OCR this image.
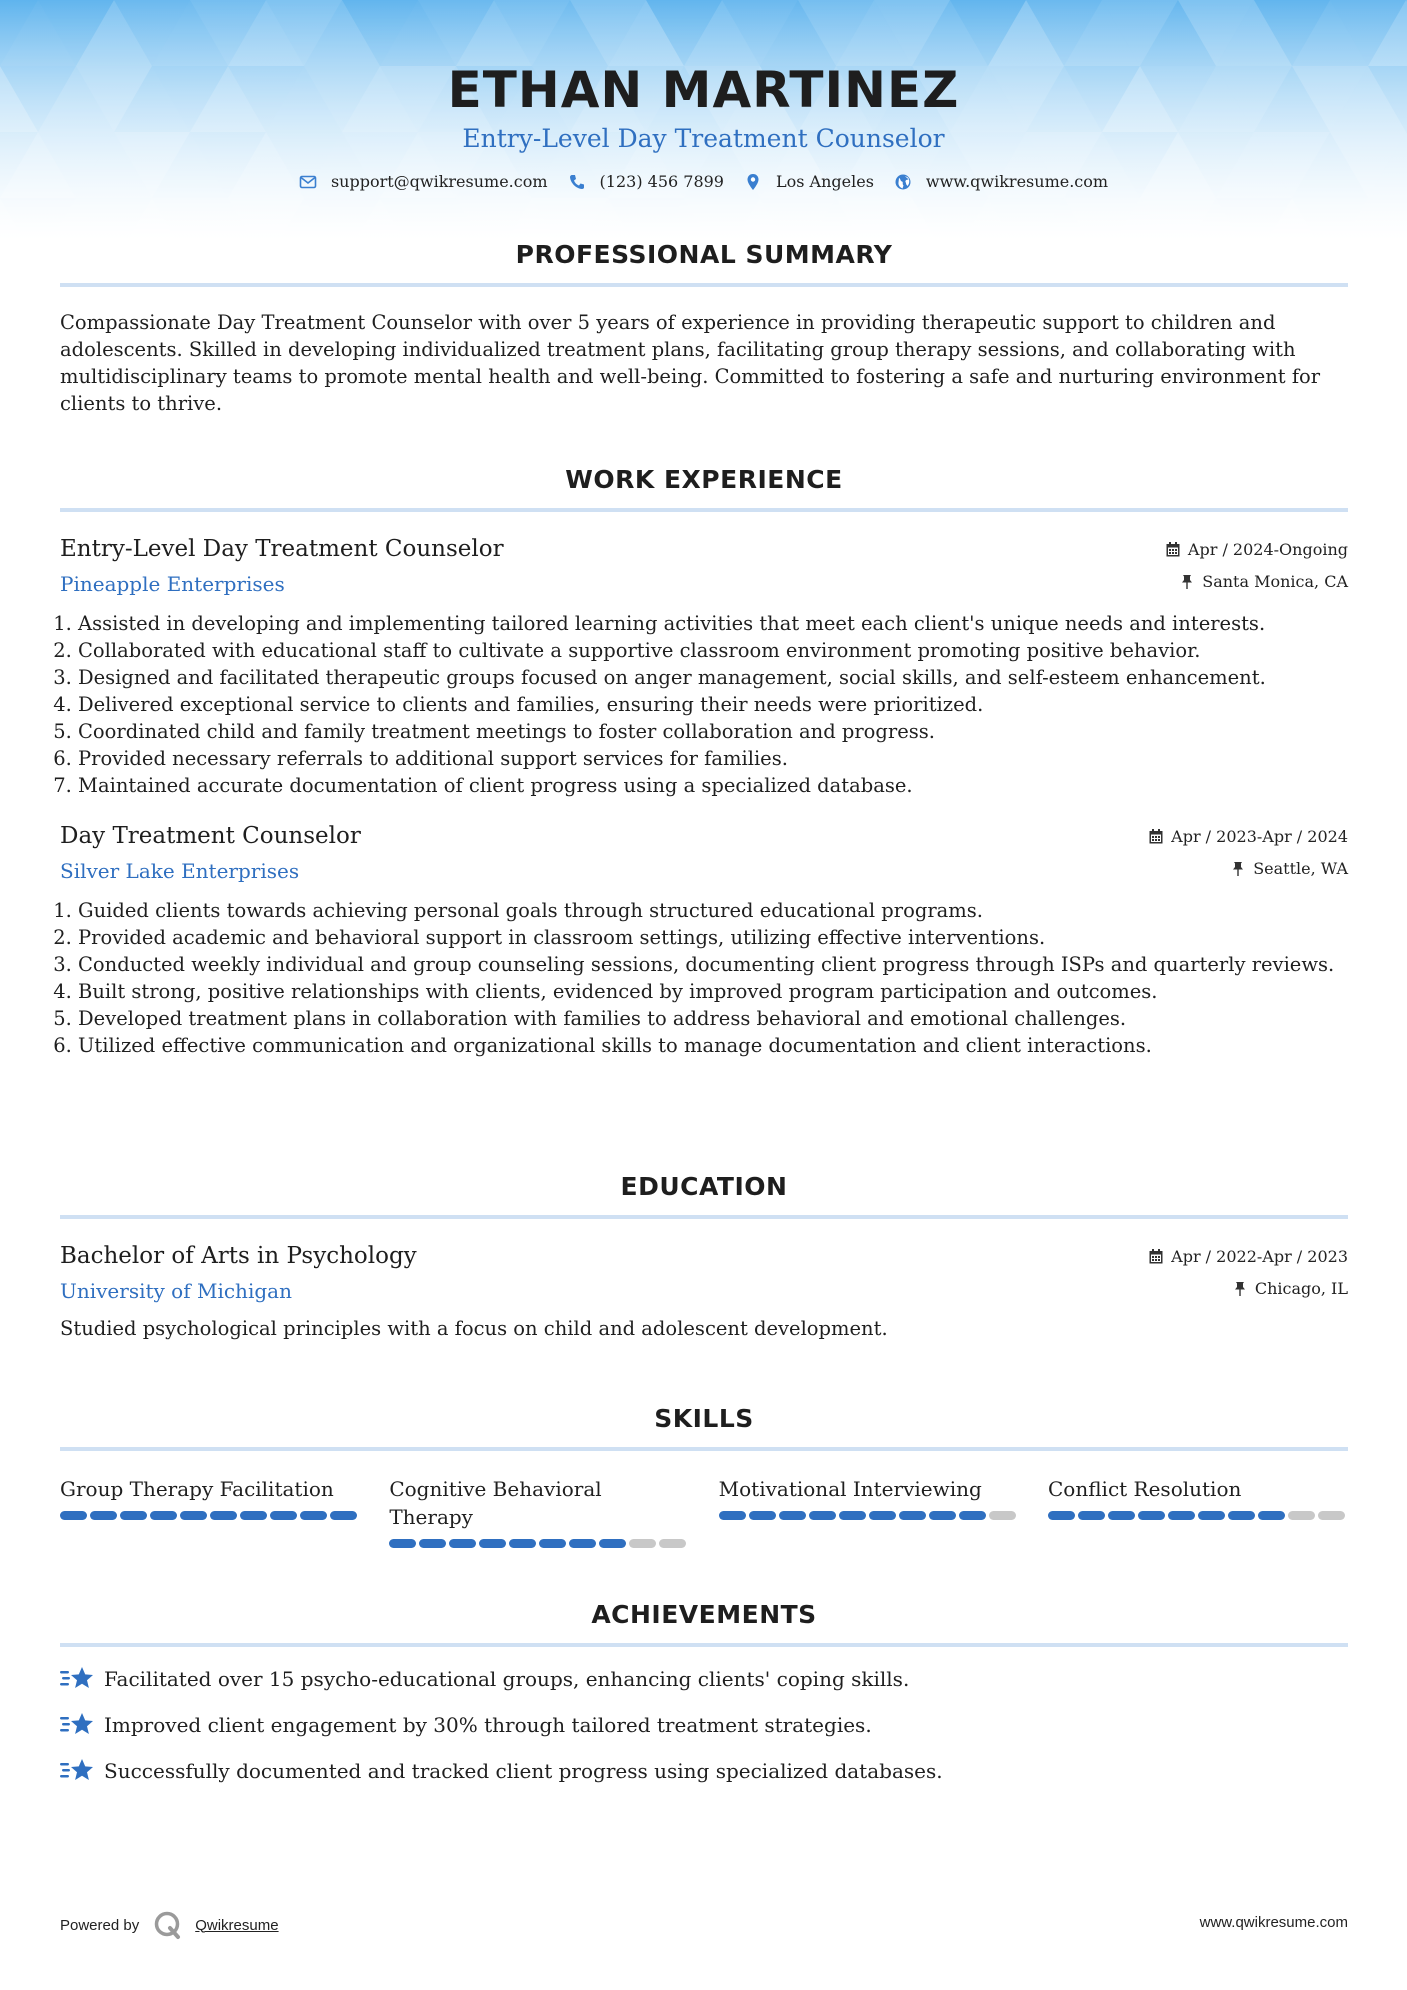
ETHAN MARTINEZ
Entry-Level Day Treatment Counselor
support@qwikresume.com	(123) 456 7899	Los Angeles	www.qwikresume.com
PROFESSIONAL SUMMARY
Compassionate Day Treatment Counselor with over 5 years of experience in providing therapeutic support to children and adolescents. Skilled in developing individualized treatment plans, facilitating group therapy sessions, and collaborating with multidisciplinary teams to promote mental health and well-being. Committed to fostering a safe and nurturing environment for clients to thrive.
WORK EXPERIENCE
Entry-Level Day Treatment Counselor
Pineapple Enterprises
Apr / 2024-Ongoing
Santa Monica, CA
1. Assisted in developing and implementing tailored learning activities that meet each client's unique needs and interests.
2. Collaborated with educational staff to cultivate a supportive classroom environment promoting positive behavior.
3. Designed and facilitated therapeutic groups focused on anger management, social skills, and self-esteem enhancement.
4. Delivered exceptional service to clients and families, ensuring their needs were prioritized.
5. Coordinated child and family treatment meetings to foster collaboration and progress.
6. Provided necessary referrals to additional support services for families.
7. Maintained accurate documentation of client progress using a specialized database.
Day Treatment Counselor
Silver Lake Enterprises
Apr / 2023-Apr / 2024
Seattle, WA
1. Guided clients towards achieving personal goals through structured educational programs.
2. Provided academic and behavioral support in classroom settings, utilizing effective interventions.
3. Conducted weekly individual and group counseling sessions, documenting client progress through ISPs and quarterly reviews.
4. Built strong, positive relationships with clients, evidenced by improved program participation and outcomes.
5. Developed treatment plans in collaboration with families to address behavioral and emotional challenges.
6. Utilized effective communication and organizational skills to manage documentation and client interactions.
EDUCATION
Bachelor of Arts in Psychology
University of Michigan
Apr / 2022-Apr / 2023
Chicago, IL
Studied psychological principles with a focus on child and adolescent development.
SKILLS
Group Therapy Facilitation	Cognitive Behavioral Therapy
Motivational Interviewing	Conflict Resolution
ACHIEVEMENTS
Facilitated over 15 psycho-educational groups, enhancing clients' coping skills.
Improved client engagement by 30% through tailored treatment strategies.
Successfully documented and tracked client progress using specialized databases.
Powered by	Qwikresume	www.qwikresume.com
